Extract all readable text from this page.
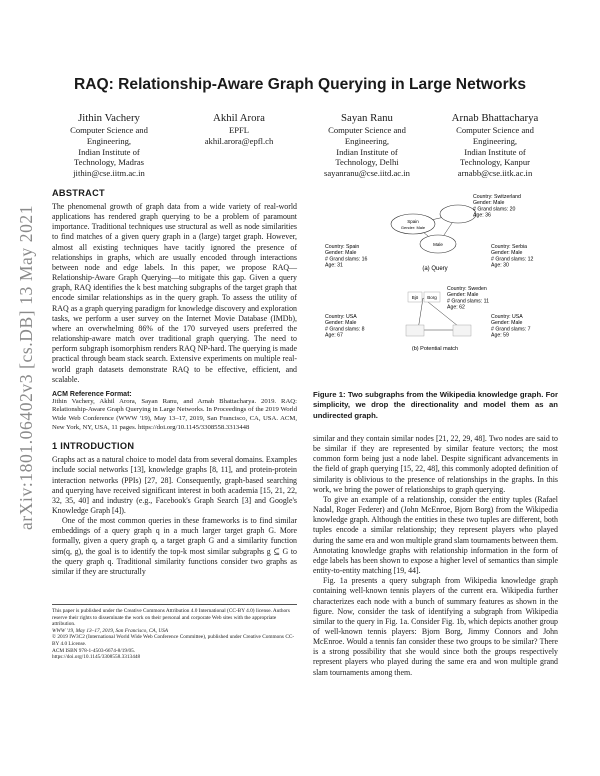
arXiv:1801.06402v3 [cs.DB] 13 May 2021
RAQ: Relationship-Aware Graph Querying in Large Networks
Jithin Vachery
Computer Science and
Engineering,
Indian Institute of
Technology, Madras
jithin@cse.iitm.ac.in
Akhil Arora
EPFL
akhil.arora@epfl.ch
Sayan Ranu
Computer Science and
Engineering,
Indian Institute of
Technology, Delhi
sayanranu@cse.iitd.ac.in
Arnab Bhattacharya
Computer Science and
Engineering,
Indian Institute of
Technology, Kanpur
arnabb@cse.iitk.ac.in
ABSTRACT

The phenomenal growth of graph data from a wide variety of real-world applications has rendered graph querying to be a problem of paramount importance. Traditional techniques use structural as well as node similarities to find matches of a given query graph in a (large) target graph. However, almost all existing techniques have tacitly ignored the presence of relationships in graphs, which are usually encoded through interactions between node and edge labels. In this paper, we propose RAQ—Relationship-Aware Graph Querying—to mitigate this gap. Given a query graph, RAQ identifies the k best matching subgraphs of the target graph that encode similar relationships as in the query graph. To assess the utility of RAQ as a graph querying paradigm for knowledge discovery and exploration tasks, we perform a user survey on the Internet Movie Database (IMDb), where an overwhelming 86% of the 170 surveyed users preferred the relationship-aware match over traditional graph querying. The need to perform subgraph isomorphism renders RAQ NP-hard. The querying is made practical through beam stack search. Extensive experiments on multiple real-world graph datasets demonstrate RAQ to be effective, efficient, and scalable.

ACM Reference Format:

Jithin Vachery, Akhil Arora, Sayan Ranu, and Arnab Bhattacharya. 2019. RAQ: Relationship-Aware Graph Querying in Large Networks. In Proceedings of the 2019 World Wide Web Conference (WWW '19), May 13–17, 2019, San Francisco, CA, USA. ACM, New York, NY, USA, 11 pages. https://doi.org/10.1145/3308558.3313448

1 INTRODUCTION

Graphs act as a natural choice to model data from several domains. Examples include social networks [13], knowledge graphs [8, 11], and protein-protein interaction networks (PPIs) [27, 28]. Consequently, graph-based searching and querying have received significant interest in both academia [15, 21, 22, 32, 35, 40] and industry (e.g., Facebook's Graph Search [3] and Google's Knowledge Graph [4]).

One of the most common queries in these frameworks is to find similar embeddings of a query graph q in a much larger target graph G. More formally, given a query graph q, a target graph G and a similarity function sim(q, g), the goal is to identify the top-k most similar subgraphs g ⊆ G to the query graph q. Traditional similarity functions consider two graphs as similar if they are structurally

This paper is published under the Creative Commons Attribution 4.0 International (CC-BY 4.0) license. Authors reserve their rights to disseminate the work on their personal and corporate Web sites with the appropriate attribution.

WWW '19, May 13–17, 2019, San Francisco, CA, USA

© 2019 IW3C2 (International World Wide Web Conference Committee), published under Creative Commons CC-BY 4.0 License.

ACM ISBN 978-1-4503-6674-8/19/05.

https://doi.org/10.1145/3308558.3313448

Spain
Gender: Male
Male
Country: Switzerland Gender: Male # Grand slams: 20 Age: 36
Country: Spain Gender: Male # Grand slams: 16 Age: 31
Country: Serbia Gender: Male # Grand slams: 12 Age: 30
(a) Query
Bjö Borg
Country: Sweden Gender: Male # Grand slams: 11 Age: 62
Country: USA Gender: Male # Grand slams: 8 Age: 67
Country: USA Gender: Male # Grand slams: 7 Age: 59
(b) Potential match

Figure 1: Two subgraphs from the Wikipedia knowledge graph. For simplicity, we drop the directionality and model them as an undirected graph.

similar and they contain similar nodes [21, 22, 29, 48]. Two nodes are said to be similar if they are represented by similar feature vectors; the most common form being just a node label. Despite significant advancements in the field of graph querying [15, 22, 48], this commonly adopted definition of similarity is oblivious to the presence of relationships in the graphs. In this work, we bring the power of relationships to graph querying.

To give an example of a relationship, consider the entity tuples (Rafael Nadal, Roger Federer) and (John McEnroe, Bjorn Borg) from the Wikipedia knowledge graph. Although the entities in these two tuples are different, both tuples encode a similar relationship; they represent players who played during the same era and won multiple grand slam tournaments between them. Annotating knowledge graphs with relationship information in the form of edge labels has been shown to expose a higher level of semantics than simple entity-to-entity matching [19, 44].

Fig. 1a presents a query subgraph from Wikipedia knowledge graph containing well-known tennis players of the current era. Wikipedia further characterizes each node with a bunch of summary features as shown in the figure. Now, consider the task of identifying a subgraph from Wikipedia similar to the query in Fig. 1a. Consider Fig. 1b, which depicts another group of well-known tennis players: Bjorn Borg, Jimmy Connors and John McEnroe. Would a tennis fan consider these two groups to be similar? There is a strong possibility that she would since both the groups respectively represent players who played during the same era and won multiple grand slam tournaments among them.
